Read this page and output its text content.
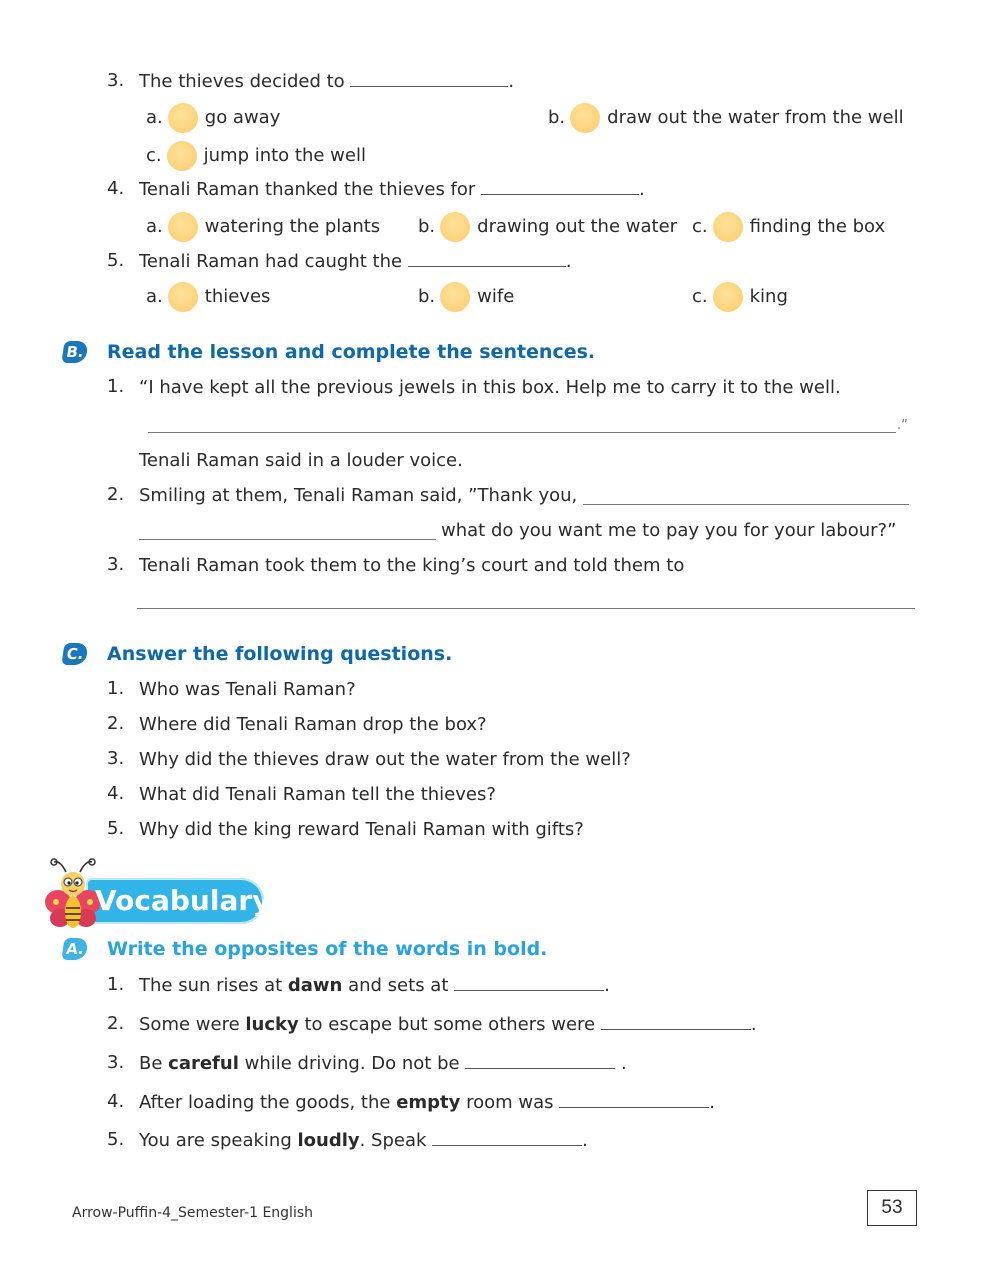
3. The thieves decided to	.
a. go away	b. draw out the water from the well
c. jump into the well
4. Tenali Raman thanked the thieves for	.
a. watering the plants b. drawing out the water c. finding the box
5. Tenali Raman had caught the	.
a. thieves	b. wife	c. king
B. Read the lesson and complete the sentences.
1. “I have kept all the previous jewels in this box. Help me to carry it to the well.
.”
Tenali Raman said in a louder voice.
2. Smiling at them, Tenali Raman said, ”Thank you,
what do you want me to pay you for your labour?”
3. Tenali Raman took them to the king’s court and told them to
C. Answer the following questions.
1. Who was Tenali Raman?
2. Where did Tenali Raman drop the box?
3. Why did the thieves draw out the water from the well?
4. What did Tenali Raman tell the thieves?
5. Why did the king reward Tenali Raman with gifts?
Vocabulary
A. Write the opposites of the words in bold.
1. The sun rises at dawn and sets at	.
2. Some were lucky to escape but some others were	.
3. Be careful while driving. Do not be	.
4. After loading the goods, the empty room was	.
5. You are speaking loudly. Speak	.
Arrow-Puffin-4_Semester-1 English	53
